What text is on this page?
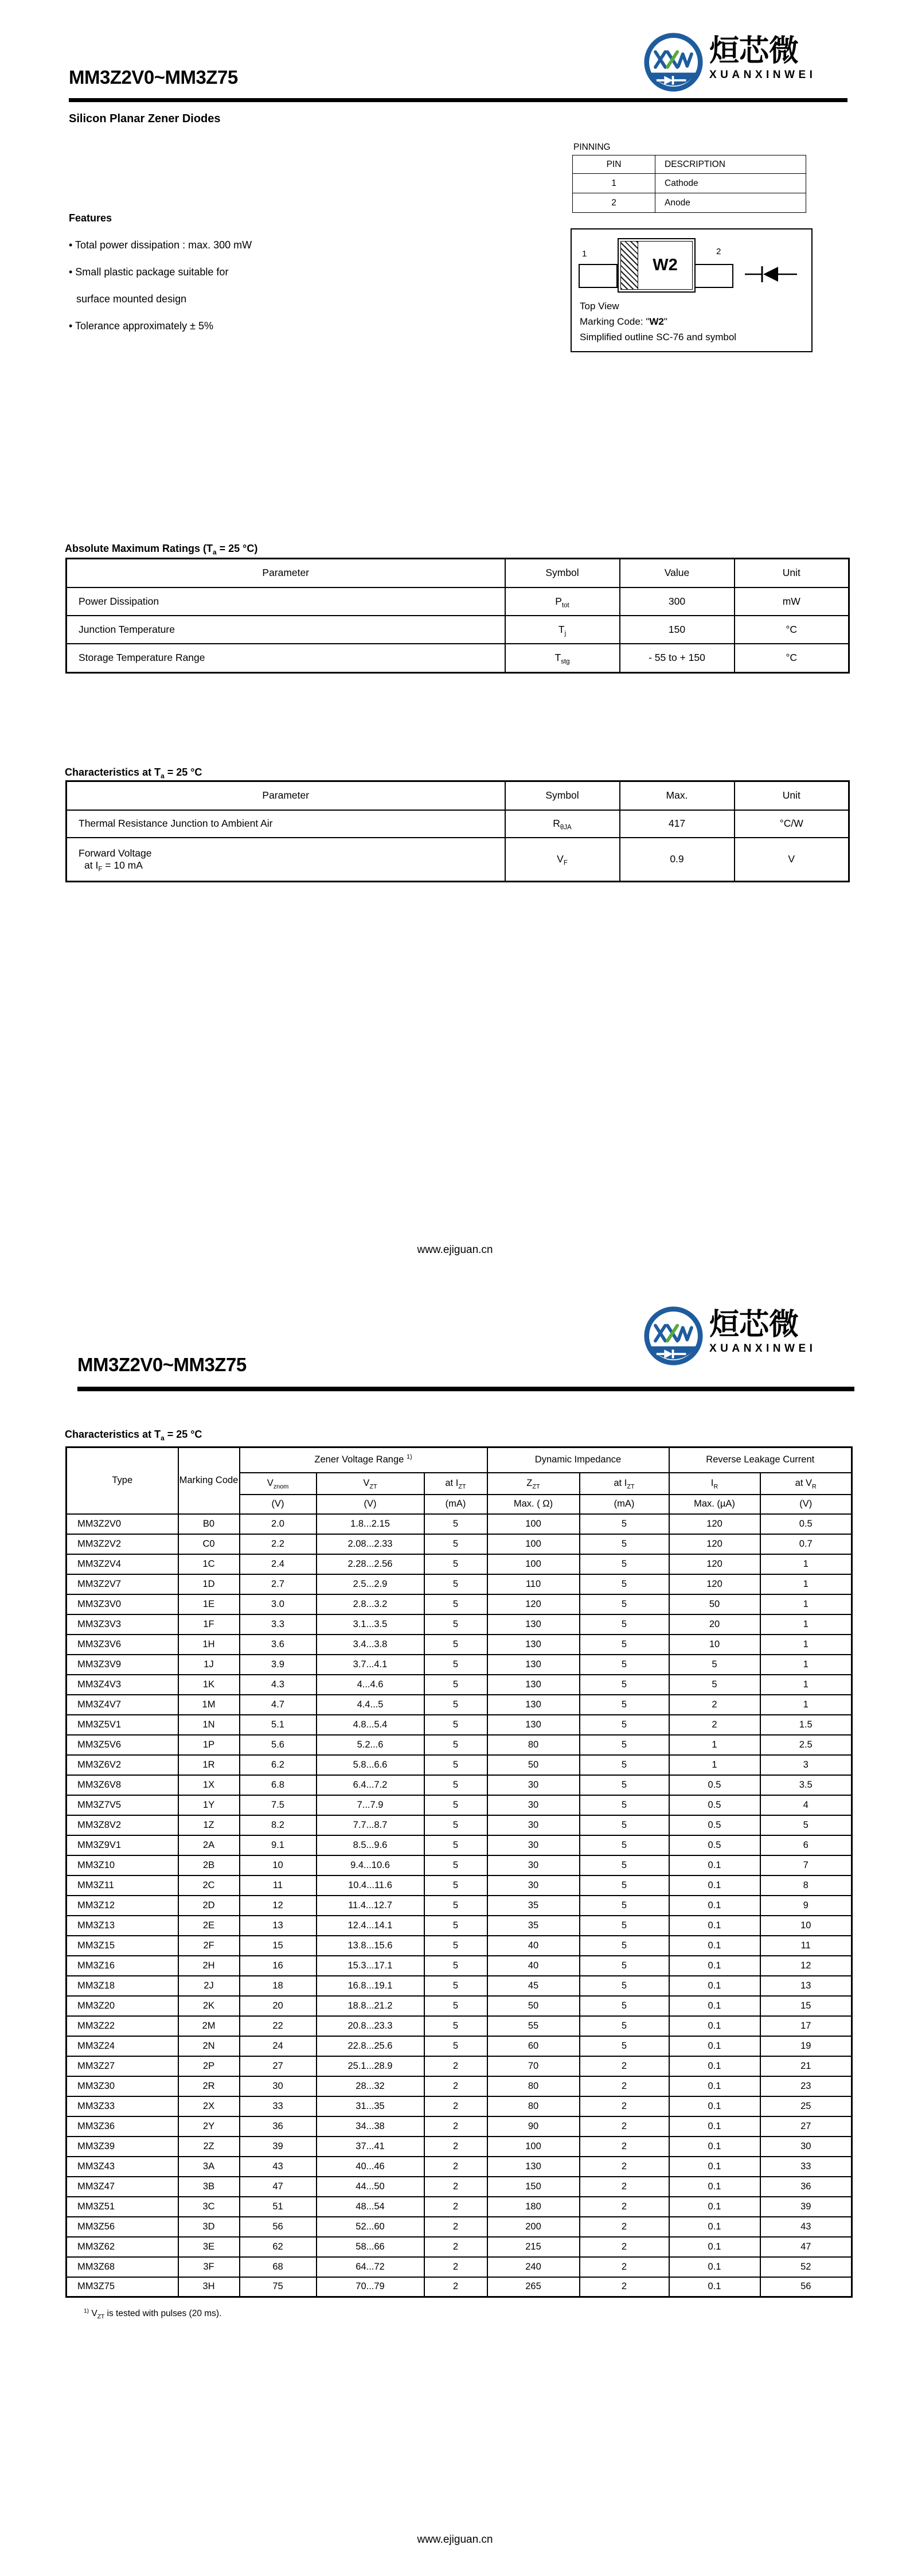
MM3Z2V0~MM3Z75
烜芯微
XUANXINWEI
Silicon Planar Zener Diodes
PINNING
PIN	DESCRIPTION
1	Cathode
2	Anode
Features
• Total power dissipation : max. 300 mW
• Small plastic package suitable for
surface mounted design
• Tolerance approximately ± 5%
W2
1	2
Top View
Marking Code: "W2"
Simplified outline SC-76 and symbol
Absolute Maximum Ratings ($T_a = 25$ °C)
Parameter	Symbol	Value	Unit
Power Dissipation	$P_{tot}$	300	mW
Junction Temperature	$T_j$	150	°C
Storage Temperature Range	$T_{stg}$	- 55 to + 150	°C
Characteristics at $T_a = 25$ °C
Parameter	Symbol	Max.	Unit
Thermal Resistance Junction to Ambient Air	$R_{\theta JA}$	417	°C/W
Forward Voltage
at $I_F = 10$ mA	$V_F$	0.9	V
www.ejiguan.cn
烜芯微
XUANXINWEI
MM3Z2V0~MM3Z75
Characteristics at $T_a = 25$ °C
Type	Marking Code	Zener Voltage Range $^{1)}$			Dynamic Impedance		Reverse Leakage Current	
		$V_{znom}$	$V_{ZT}$	at $I_{ZT}$	$Z_{ZT}$	at $I_{ZT}$	$I_R$	at $V_R$
		(V)	(V)	(mA)	Max. ( Ω)	(mA)	Max. (µA)	(V)
MM3Z2V0	B0	2.0	1.8...2.15	5	100	5	120	0.5
MM3Z2V2	C0	2.2	2.08...2.33	5	100	5	120	0.7
MM3Z2V4	1C	2.4	2.28...2.56	5	100	5	120	1
MM3Z2V7	1D	2.7	2.5...2.9	5	110	5	120	1
MM3Z3V0	1E	3.0	2.8...3.2	5	120	5	50	1
MM3Z3V3	1F	3.3	3.1...3.5	5	130	5	20	1
MM3Z3V6	1H	3.6	3.4...3.8	5	130	5	10	1
MM3Z3V9	1J	3.9	3.7...4.1	5	130	5	5	1
MM3Z4V3	1K	4.3	4...4.6	5	130	5	5	1
MM3Z4V7	1M	4.7	4.4...5	5	130	5	2	1
MM3Z5V1	1N	5.1	4.8...5.4	5	130	5	2	1.5
MM3Z5V6	1P	5.6	5.2...6	5	80	5	1	2.5
MM3Z6V2	1R	6.2	5.8...6.6	5	50	5	1	3
MM3Z6V8	1X	6.8	6.4...7.2	5	30	5	0.5	3.5
MM3Z7V5	1Y	7.5	7...7.9	5	30	5	0.5	4
MM3Z8V2	1Z	8.2	7.7...8.7	5	30	5	0.5	5
MM3Z9V1	2A	9.1	8.5...9.6	5	30	5	0.5	6
MM3Z10	2B	10	9.4...10.6	5	30	5	0.1	7
MM3Z11	2C	11	10.4...11.6	5	30	5	0.1	8
MM3Z12	2D	12	11.4...12.7	5	35	5	0.1	9
MM3Z13	2E	13	12.4...14.1	5	35	5	0.1	10
MM3Z15	2F	15	13.8...15.6	5	40	5	0.1	11
MM3Z16	2H	16	15.3...17.1	5	40	5	0.1	12
MM3Z18	2J	18	16.8...19.1	5	45	5	0.1	13
MM3Z20	2K	20	18.8...21.2	5	50	5	0.1	15
MM3Z22	2M	22	20.8...23.3	5	55	5	0.1	17
MM3Z24	2N	24	22.8...25.6	5	60	5	0.1	19
MM3Z27	2P	27	25.1...28.9	2	70	2	0.1	21
MM3Z30	2R	30	28...32	2	80	2	0.1	23
MM3Z33	2X	33	31...35	2	80	2	0.1	25
MM3Z36	2Y	36	34...38	2	90	2	0.1	27
MM3Z39	2Z	39	37...41	2	100	2	0.1	30
MM3Z43	3A	43	40...46	2	130	2	0.1	33
MM3Z47	3B	47	44...50	2	150	2	0.1	36
MM3Z51	3C	51	48...54	2	180	2	0.1	39
MM3Z56	3D	56	52...60	2	200	2	0.1	43
MM3Z62	3E	62	58...66	2	215	2	0.1	47
MM3Z68	3F	68	64...72	2	240	2	0.1	52
MM3Z75	3H	75	70...79	2	265	2	0.1	56
$^{1)}$ $V_{ZT}$ is tested with pulses (20 ms).
www.ejiguan.cn
